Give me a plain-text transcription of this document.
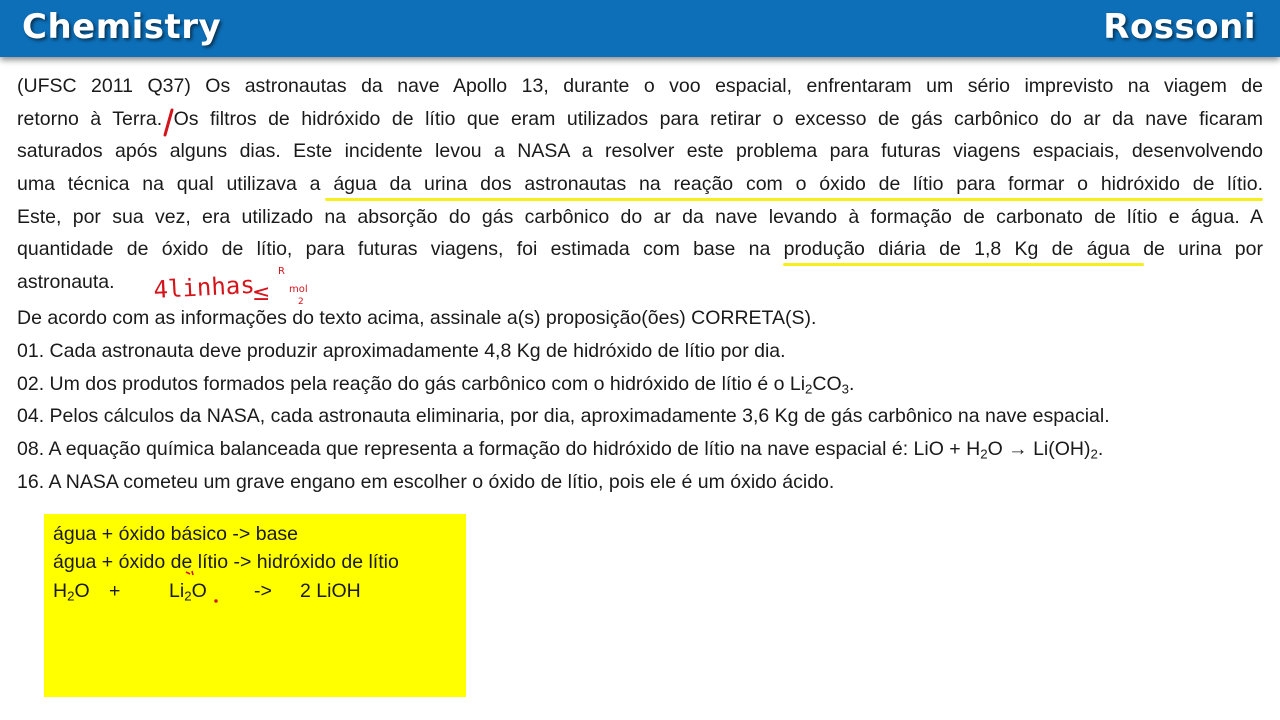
Chemistry	Rossoni
(UFSC 2011 Q37) Os astronautas da nave Apollo 13, durante o voo espacial, enfrentaram um sério imprevisto na viagem de
retorno à Terra. Os filtros de hidróxido de lítio que eram utilizados para retirar o excesso de gás carbônico do ar da nave ficaram
saturados após alguns dias. Este incidente levou a NASA a resolver este problema para futuras viagens espaciais, desenvolvendo
uma técnica na qual utilizava a água da urina dos astronautas na reação com o óxido de lítio para formar o hidróxido de lítio.
Este, por sua vez, era utilizado na absorção do gás carbônico do ar da nave levando à formação de carbonato de lítio e água. A
quantidade de óxido de lítio, para futuras viagens, foi estimada com base na produção diária de 1,8 Kg de água de urina por
astronauta.
De acordo com as informações do texto acima, assinale a(s) proposição(ões) CORRETA(S).
01. Cada astronauta deve produzir aproximadamente 4,8 Kg de hidróxido de lítio por dia.
02. Um dos produtos formados pela reação do gás carbônico com o hidróxido de lítio é o $Li_2CO_3$.
04. Pelos cálculos da NASA, cada astronauta eliminaria, por dia, aproximadamente 3,6 Kg de gás carbônico na nave espacial.
08. A equação química balanceada que representa a formação do hidróxido de lítio na nave espacial é: LiO + $H_2O \to Li(OH)_2$.
16. A NASA cometeu um grave engano em escolher o óxido de lítio, pois ele é um óxido ácido.
água + óxido básico -> base
água + óxido de lítio -> hidróxido de lítio
$H_2O + Li_2O -> 2$ LiOH
4linhas
≤
R
mol
2
